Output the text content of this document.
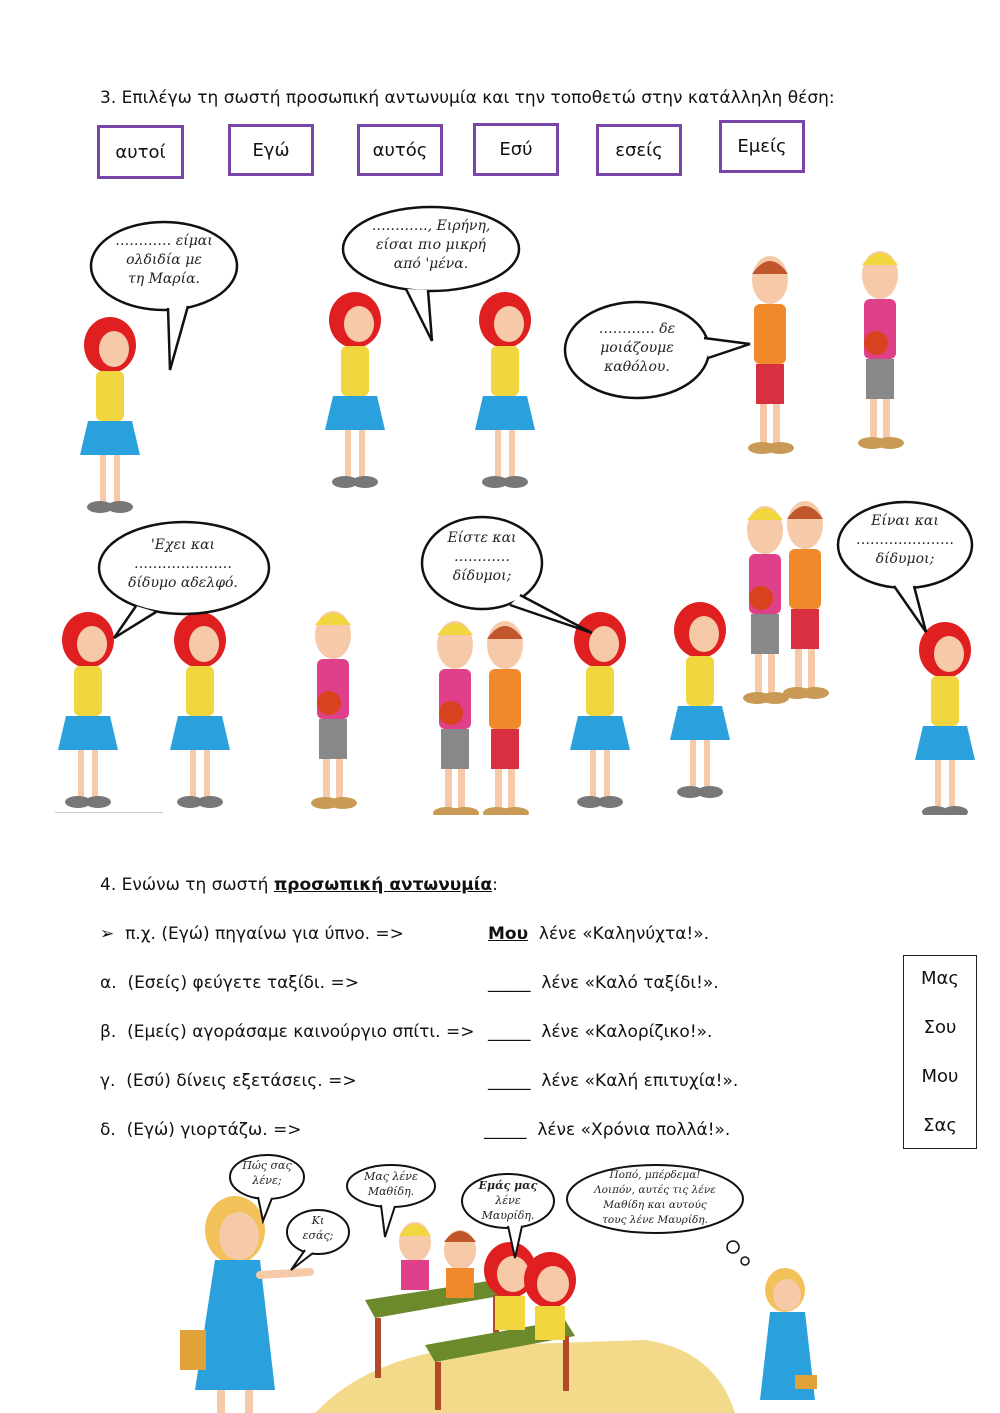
3. Επιλέγω τη σωστή προσωπική αντωνυμία και την τοποθετώ στην κατάλληλη θέση:
αυτοί	Εγώ	αυτός	Εσύ	εσείς	Εμείς
………… είμαι
ολδιδία με
τη Μαρία.
…………, Ειρήνη,
είσαι πιο μικρή
από 'μένα.
………… δε
μοιάζουμε
καθόλου.
'Εχει και
…………………
δίδυμο αδελφό.
Είστε και
…………
δίδυμοι;
Είναι και
…………………
δίδυμοι;
4. Ενώνω τη σωστή προσωπική αντωνυμία:
➢ π.χ. (Εγώ) πηγαίνω για ύπνο. =>	Μου λένε «Καληνύχτα!».
α. (Εσείς) φεύγετε ταξίδι. =>	_____ λένε «Καλό ταξίδι!».
β. (Εμείς) αγοράσαμε καινούργιο σπίτι. => _____ λένε «Καλορίζικο!».
γ. (Εσύ) δίνεις εξετάσεις. =>	_____ λένε «Καλή επιτυχία!».
δ. (Εγώ) γιορτάζω. =>	_____ λένε «Χρόνια πολλά!».
Μας
Σου
Μου
Σας
Πώς σας
λένε;
Κι
εσάς;
Μας λένε
Μαθίδη.	Εμάς μας
λένε
Μαυρίδη.
Ποπό, μπέρδεμα!
Λοιπόν, αυτές τις λένε
Μαθίδη και αυτούς
τους λένε Μαυρίδη.
